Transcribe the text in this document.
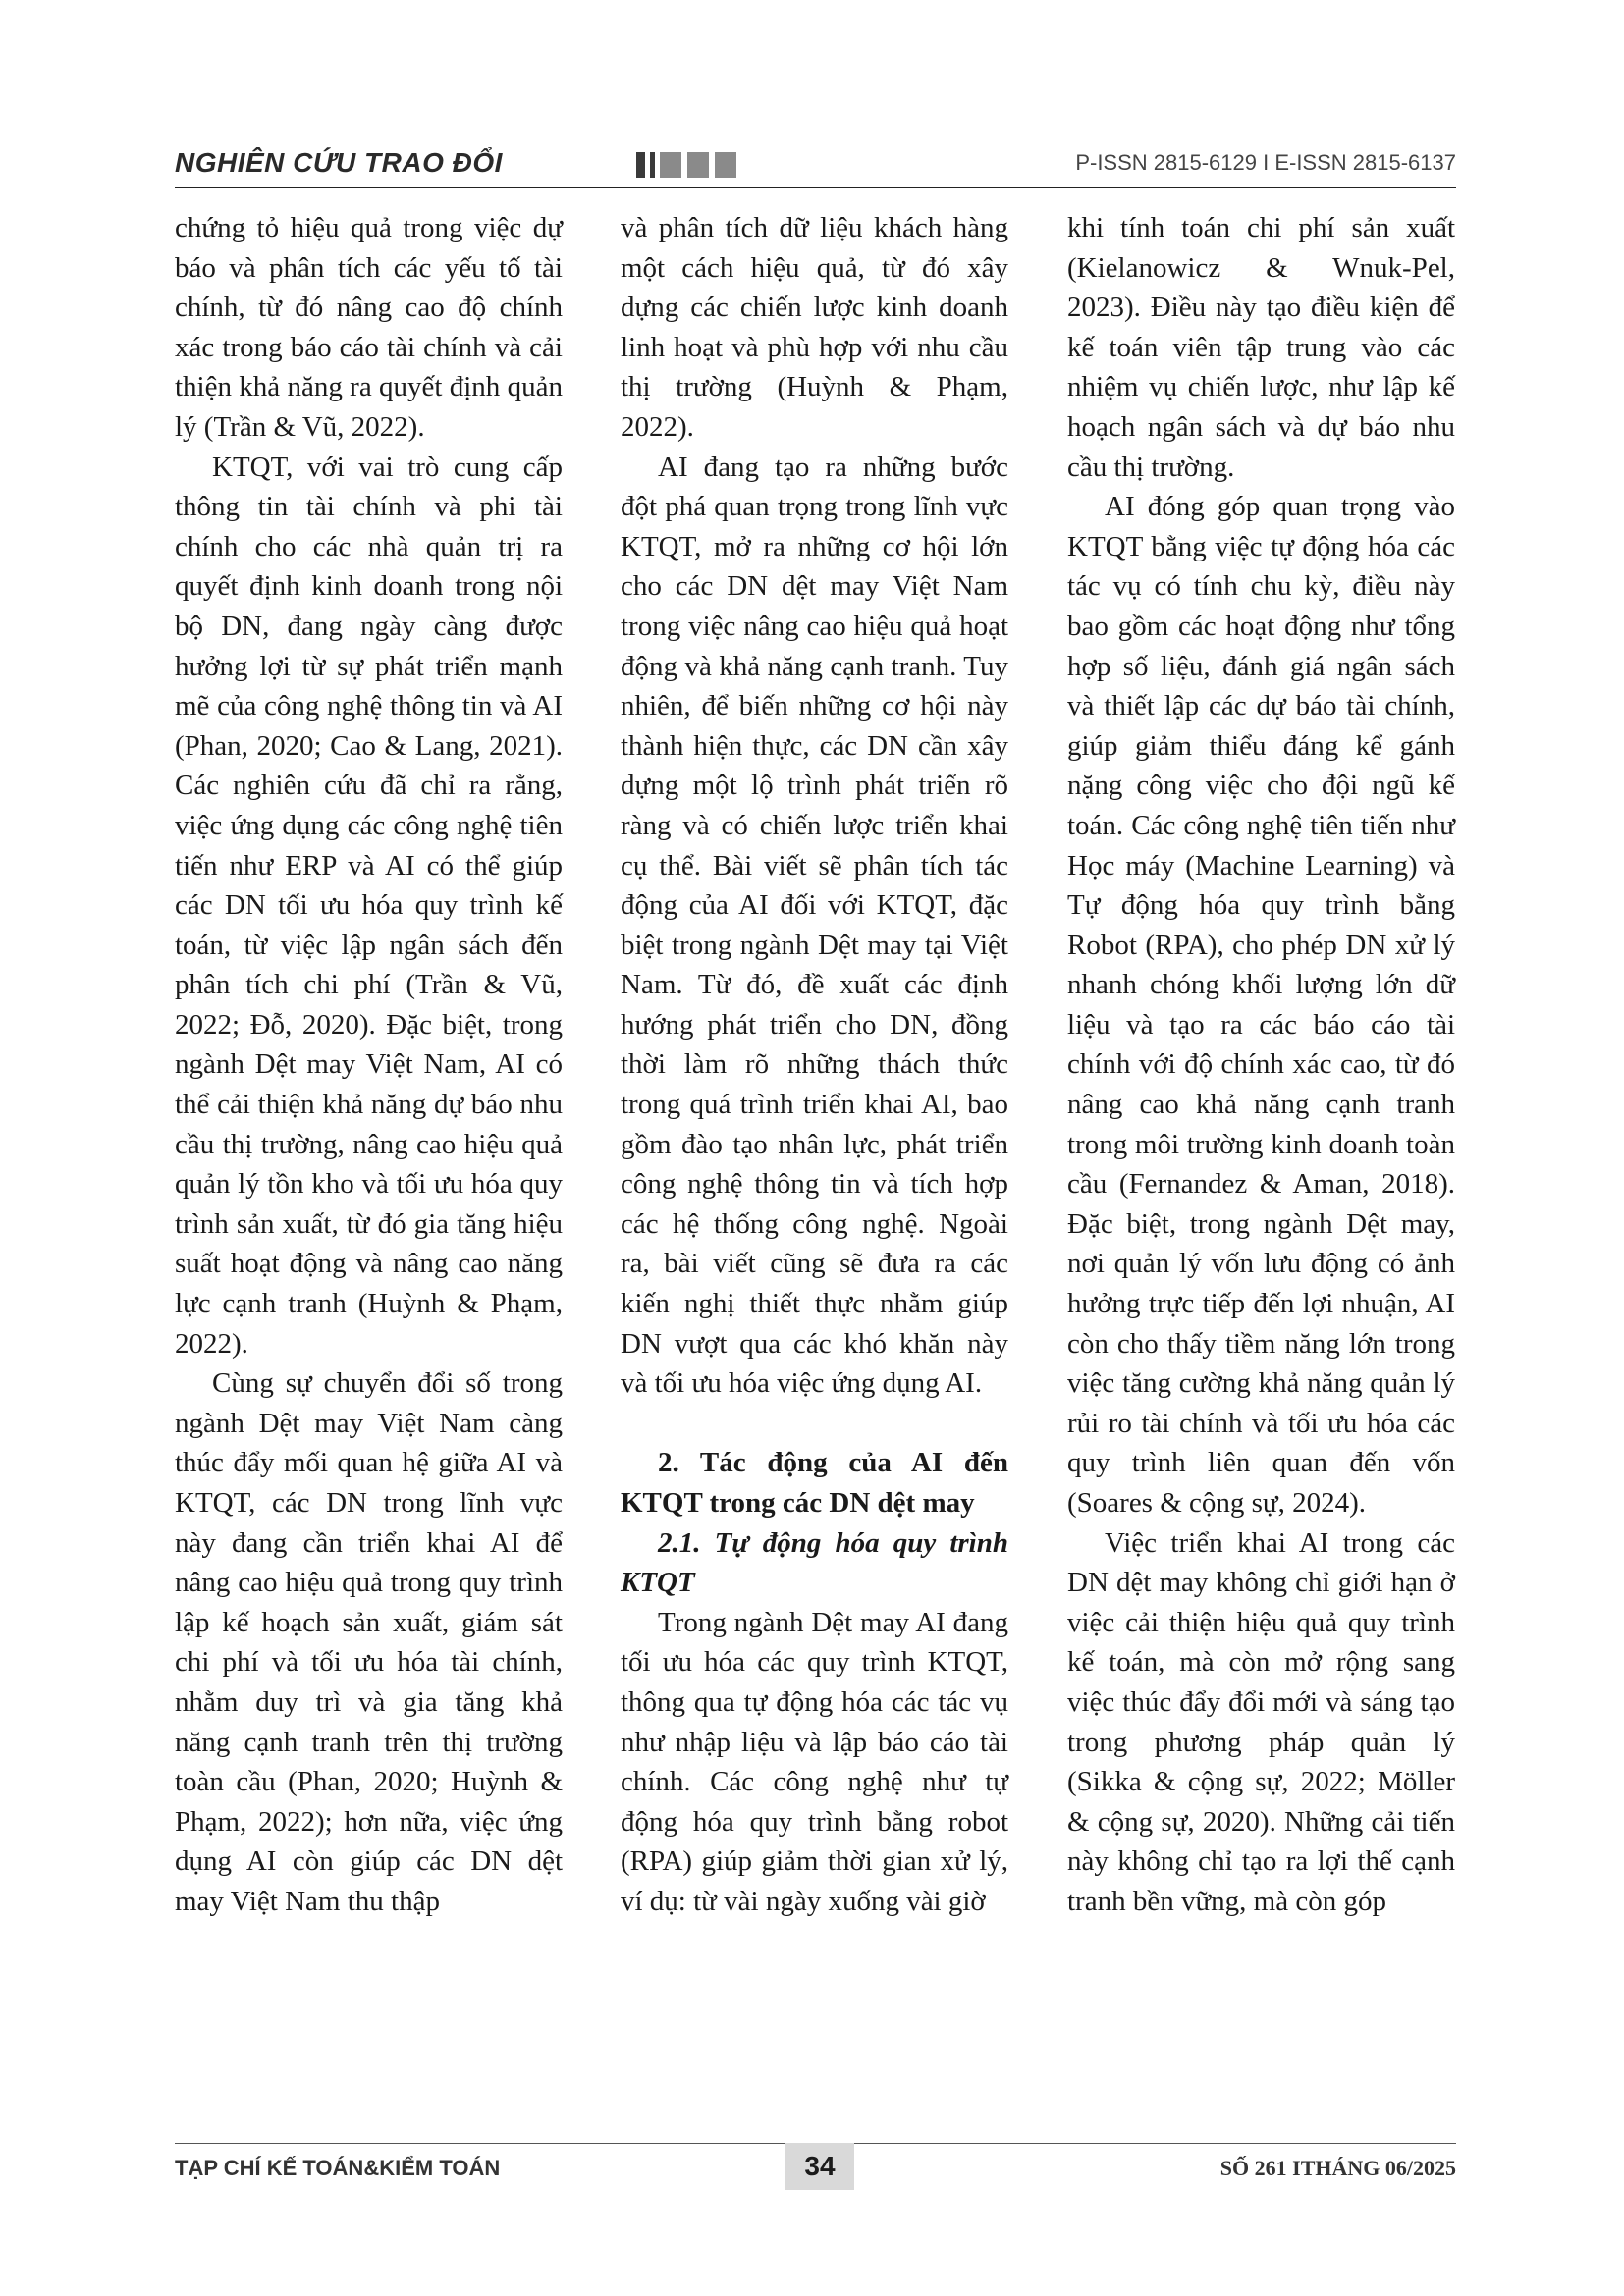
NGHIÊN CỨU TRAO ĐỔI	P-ISSN 2815-6129 I E-ISSN 2815-6137

chứng tỏ hiệu quả trong việc dự báo và phân tích các yếu tố tài chính, từ đó nâng cao độ chính xác trong báo cáo tài chính và cải thiện khả năng ra quyết định quản lý (Trần & Vũ, 2022).

KTQT, với vai trò cung cấp thông tin tài chính và phi tài chính cho các nhà quản trị ra quyết định kinh doanh trong nội bộ DN, đang ngày càng được hưởng lợi từ sự phát triển mạnh mẽ của công nghệ thông tin và AI (Phan, 2020; Cao & Lang, 2021). Các nghiên cứu đã chỉ ra rằng, việc ứng dụng các công nghệ tiên tiến như ERP và AI có thể giúp các DN tối ưu hóa quy trình kế toán, từ việc lập ngân sách đến phân tích chi phí (Trần & Vũ, 2022; Đỗ, 2020). Đặc biệt, trong ngành Dệt may Việt Nam, AI có thể cải thiện khả năng dự báo nhu cầu thị trường, nâng cao hiệu quả quản lý tồn kho và tối ưu hóa quy trình sản xuất, từ đó gia tăng hiệu suất hoạt động và nâng cao năng lực cạnh tranh (Huỳnh & Phạm, 2022).

Cùng sự chuyển đổi số trong ngành Dệt may Việt Nam càng thúc đẩy mối quan hệ giữa AI và KTQT, các DN trong lĩnh vực này đang cần triển khai AI để nâng cao hiệu quả trong quy trình lập kế hoạch sản xuất, giám sát chi phí và tối ưu hóa tài chính, nhằm duy trì và gia tăng khả năng cạnh tranh trên thị trường toàn cầu (Phan, 2020; Huỳnh & Phạm, 2022); hơn nữa, việc ứng dụng AI còn giúp các DN dệt may Việt Nam thu thập

và phân tích dữ liệu khách hàng một cách hiệu quả, từ đó xây dựng các chiến lược kinh doanh linh hoạt và phù hợp với nhu cầu thị trường (Huỳnh & Phạm, 2022).

AI đang tạo ra những bước đột phá quan trọng trong lĩnh vực KTQT, mở ra những cơ hội lớn cho các DN dệt may Việt Nam trong việc nâng cao hiệu quả hoạt động và khả năng cạnh tranh. Tuy nhiên, để biến những cơ hội này thành hiện thực, các DN cần xây dựng một lộ trình phát triển rõ ràng và có chiến lược triển khai cụ thể. Bài viết sẽ phân tích tác động của AI đối với KTQT, đặc biệt trong ngành Dệt may tại Việt Nam. Từ đó, đề xuất các định hướng phát triển cho DN, đồng thời làm rõ những thách thức trong quá trình triển khai AI, bao gồm đào tạo nhân lực, phát triển công nghệ thông tin và tích hợp các hệ thống công nghệ. Ngoài ra, bài viết cũng sẽ đưa ra các kiến nghị thiết thực nhằm giúp DN vượt qua các khó khăn này và tối ưu hóa việc ứng dụng AI.

2. Tác động của AI đến KTQT trong các DN dệt may

2.1. Tự động hóa quy trình KTQT

Trong ngành Dệt may AI đang tối ưu hóa các quy trình KTQT, thông qua tự động hóa các tác vụ như nhập liệu và lập báo cáo tài chính. Các công nghệ như tự động hóa quy trình bằng robot (RPA) giúp giảm thời gian xử lý, ví dụ: từ vài ngày xuống vài giờ

khi tính toán chi phí sản xuất (Kielanowicz & Wnuk-Pel, 2023). Điều này tạo điều kiện để kế toán viên tập trung vào các nhiệm vụ chiến lược, như lập kế hoạch ngân sách và dự báo nhu cầu thị trường.

AI đóng góp quan trọng vào KTQT bằng việc tự động hóa các tác vụ có tính chu kỳ, điều này bao gồm các hoạt động như tổng hợp số liệu, đánh giá ngân sách và thiết lập các dự báo tài chính, giúp giảm thiểu đáng kể gánh nặng công việc cho đội ngũ kế toán. Các công nghệ tiên tiến như Học máy (Machine Learning) và Tự động hóa quy trình bằng Robot (RPA), cho phép DN xử lý nhanh chóng khối lượng lớn dữ liệu và tạo ra các báo cáo tài chính với độ chính xác cao, từ đó nâng cao khả năng cạnh tranh trong môi trường kinh doanh toàn cầu (Fernandez & Aman, 2018). Đặc biệt, trong ngành Dệt may, nơi quản lý vốn lưu động có ảnh hưởng trực tiếp đến lợi nhuận, AI còn cho thấy tiềm năng lớn trong việc tăng cường khả năng quản lý rủi ro tài chính và tối ưu hóa các quy trình liên quan đến vốn (Soares & cộng sự, 2024).

Việc triển khai AI trong các DN dệt may không chỉ giới hạn ở việc cải thiện hiệu quả quy trình kế toán, mà còn mở rộng sang việc thúc đẩy đổi mới và sáng tạo trong phương pháp quản lý (Sikka & cộng sự, 2022; Möller & cộng sự, 2020). Những cải tiến này không chỉ tạo ra lợi thế cạnh tranh bền vững, mà còn góp

TẠP CHÍ KẾ TOÁN&KIỂM TOÁN	34	SỐ 261 ITHÁNG 06/2025
